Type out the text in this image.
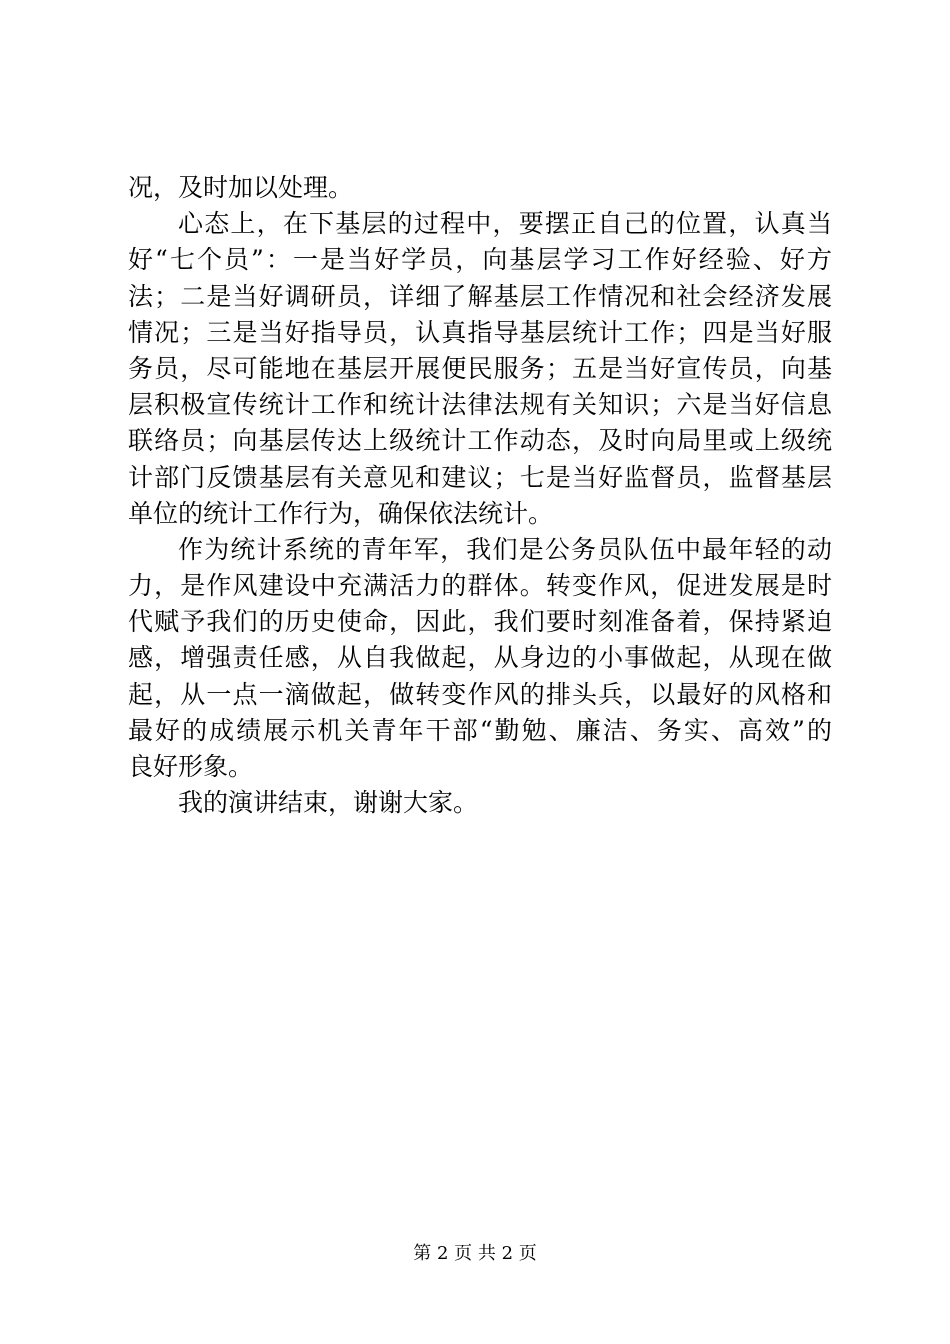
况，及时加以处理。
心态上，在下基层的过程中，要摆正自己的位置，认真当
好“七个员”：一是当好学员，向基层学习工作好经验、好方
法；二是当好调研员，详细了解基层工作情况和社会经济发展
情况；三是当好指导员，认真指导基层统计工作；四是当好服
务员，尽可能地在基层开展便民服务；五是当好宣传员，向基
层积极宣传统计工作和统计法律法规有关知识；六是当好信息
联络员；向基层传达上级统计工作动态，及时向局里或上级统
计部门反馈基层有关意见和建议；七是当好监督员，监督基层
单位的统计工作行为，确保依法统计。
作为统计系统的青年军，我们是公务员队伍中最年轻的动
力，是作风建设中充满活力的群体。转变作风，促进发展是时
代赋予我们的历史使命，因此，我们要时刻准备着，保持紧迫
感，增强责任感，从自我做起，从身边的小事做起，从现在做
起，从一点一滴做起，做转变作风的排头兵，以最好的风格和
最好的成绩展示机关青年干部“勤勉、廉洁、务实、高效”的
良好形象。
我的演讲结束，谢谢大家。
第 2 页 共 2 页
